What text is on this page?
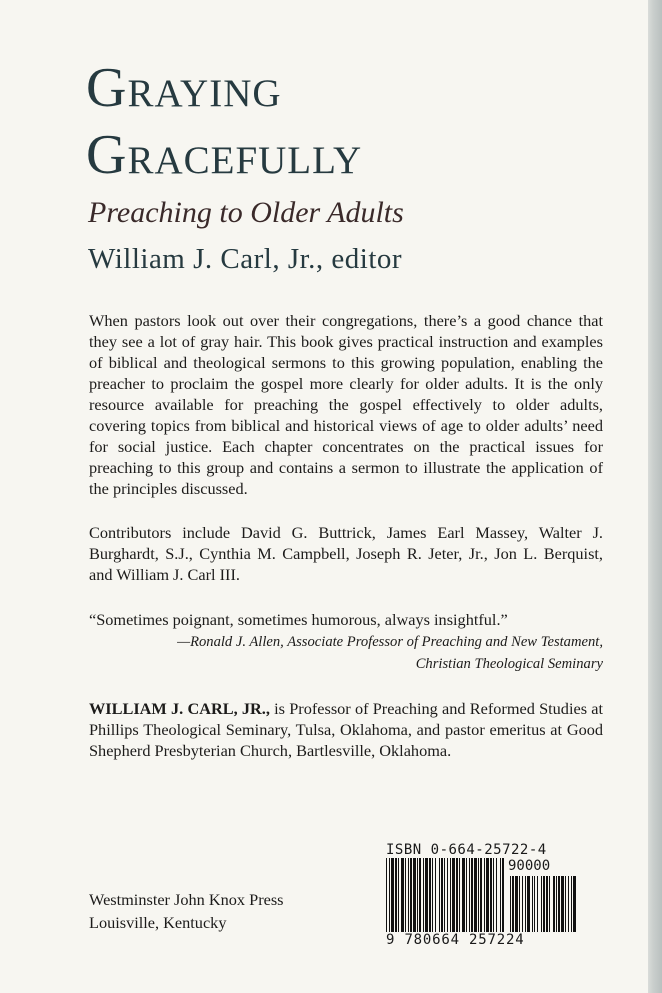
Graying
Gracefully
Preaching to Older Adults

William J. Carl, Jr., editor

When pastors look out over their congregations, there’s a good chance that they see a lot of gray hair. This book gives practical instruction and examples of biblical and theological sermons to this growing population, enabling the preacher to proclaim the gospel more clearly for older adults. It is the only resource available for preaching the gospel effectively to older adults, covering topics from biblical and historical views of age to older adults’ need for social justice. Each chapter concentrates on the practical issues for preaching to this group and contains a sermon to illustrate the application of the principles discussed.

Contributors include David G. Buttrick, James Earl Massey, Walter J. Burghardt, S.J., Cynthia M. Campbell, Joseph R. Jeter, Jr., Jon L. Berquist, and William J. Carl III.

“Sometimes poignant, sometimes humorous, always insightful.”

—Ronald J. Allen, Associate Professor of Preaching and New Testament,
Christian Theological Seminary

WILLIAM J. CARL, JR., is Professor of Preaching and Reformed Studies at Phillips Theological Seminary, Tulsa, Oklahoma, and pastor emeritus at Good Shepherd Presbyterian Church, Bartlesville, Oklahoma.

Westminster John Knox Press
Louisville, Kentucky

ISBN 0-664-25722-4

90000

9 780664 257224
